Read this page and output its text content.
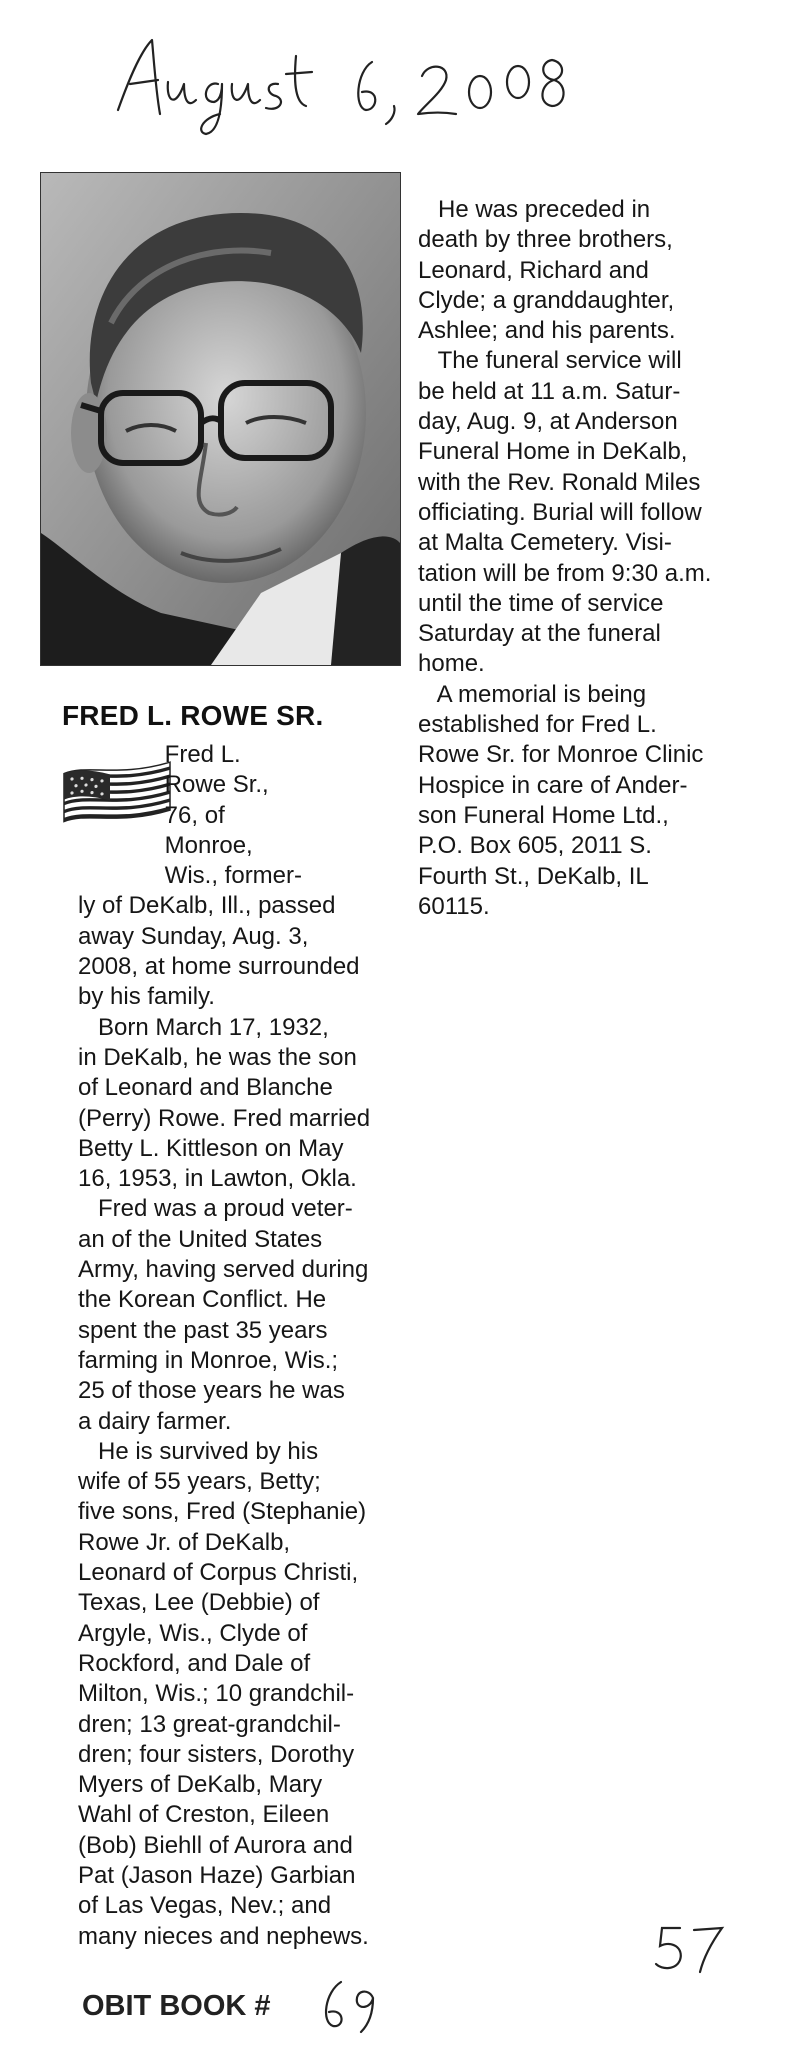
FRED L. ROWE SR.

Fred L.

Rowe Sr.,

76, of

Monroe,

Wis., former-

ly of DeKalb, Ill., passed

away Sunday, Aug. 3,

2008, at home surrounded

by his family.

Born March 17, 1932,

in DeKalb, he was the son

of Leonard and Blanche

(Perry) Rowe. Fred married

Betty L. Kittleson on May

16, 1953, in Lawton, Okla.

Fred was a proud veter-

an of the United States

Army, having served during

the Korean Conflict. He

spent the past 35 years

farming in Monroe, Wis.;

25 of those years he was

a dairy farmer.

He is survived by his

wife of 55 years, Betty;

five sons, Fred (Stephanie)

Rowe Jr. of DeKalb,

Leonard of Corpus Christi,

Texas, Lee (Debbie) of

Argyle, Wis., Clyde of

Rockford, and Dale of

Milton, Wis.; 10 grandchil-

dren; 13 great-grandchil-

dren; four sisters, Dorothy

Myers of DeKalb, Mary

Wahl of Creston, Eileen

(Bob) Biehll of Aurora and

Pat (Jason Haze) Garbian

of Las Vegas, Nev.; and

many nieces and nephews.

He was preceded in

death by three brothers,

Leonard, Richard and

Clyde; a granddaughter,

Ashlee; and his parents.

The funeral service will

be held at 11 a.m. Satur-

day, Aug. 9, at Anderson

Funeral Home in DeKalb,

with the Rev. Ronald Miles

officiating. Burial will follow

at Malta Cemetery. Visi-

tation will be from 9:30 a.m.

until the time of service

Saturday at the funeral

home.

A memorial is being

established for Fred L.

Rowe Sr. for Monroe Clinic

Hospice in care of Ander-

son Funeral Home Ltd.,

P.O. Box 605, 2011 S.

Fourth St., DeKalb, IL

60115.

OBIT BOOK #
